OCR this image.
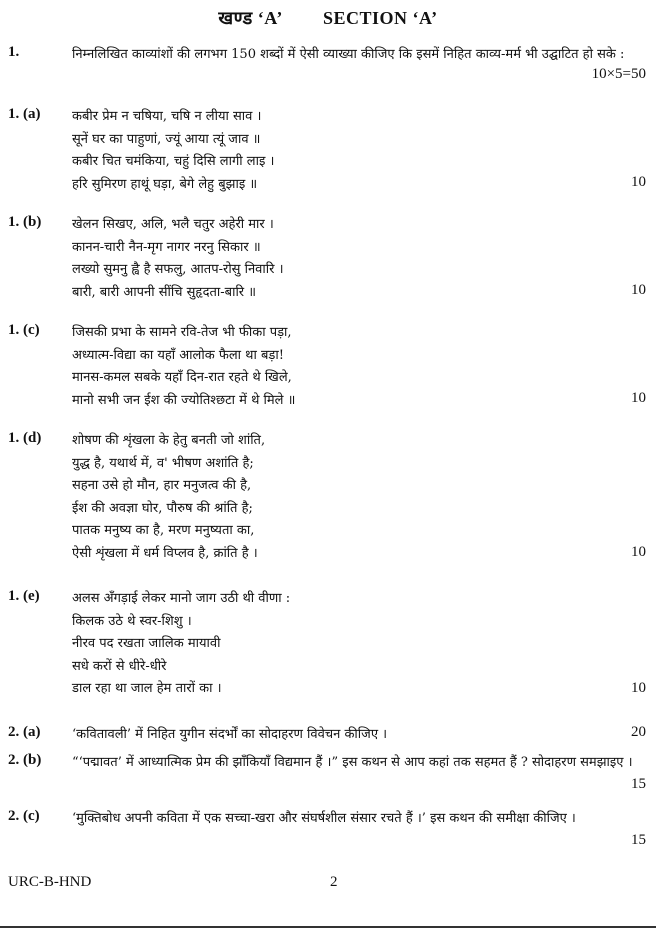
खण्ड ‘A’ SECTION ‘A’
1.	निम्नलिखित काव्यांशों की लगभग 150 शब्दों में ऐसी व्याख्या कीजिए कि इसमें निहित काव्य-मर्म भी उद्घाटित हो सके :
10×5=50
1. (a) कबीर प्रेम न चषिया, चषि न लीया साव ।
सूनें घर का पाहुणां, ज्यूं आया त्यूं जाव ॥
कबीर चित चमंकिया, चहुं दिसि लागी लाइ ।
हरि सुमिरण हाथूं घड़ा, बेगे लेहु बुझाइ ॥	10
1. (b) खेलन सिखए, अलि, भलै चतुर अहेरी मार ।
कानन-चारी नैन-मृग नागर नरनु सिकार ॥
लख्यो सुमनु ह्वै है सफलु, आतप-रोसु निवारि ।
बारी, बारी आपनी सींचि सुहृदता-बारि ॥	10
1. (c) जिसकी प्रभा के सामने रवि-तेज भी फीका पड़ा,
अध्यात्म-विद्या का यहाँ आलोक फैला था बड़ा!
मानस-कमल सबके यहाँ दिन-रात रहते थे खिले,
मानो सभी जन ईश की ज्योतिश्छटा में थे मिले ॥	10
1. (d) शोषण की शृंखला के हेतु बनती जो शांति,
युद्ध है, यथार्थ में, व' भीषण अशांति है;
सहना उसे हो मौन, हार मनुजत्व की है,
ईश की अवज्ञा घोर, पौरुष की श्रांति है;
पातक मनुष्य का है, मरण मनुष्यता का,
ऐसी शृंखला में धर्म विप्लव है, क्रांति है ।	10
1. (e) अलस अँगड़ाई लेकर मानो जाग उठी थी वीणा :
किलक उठे थे स्वर-शिशु ।
नीरव पद रखता जालिक मायावी
सधे करों से धीरे-धीरे
डाल रहा था जाल हेम तारों का ।	10
2. (a) ‘कवितावली’ में निहित युगीन संदर्भों का सोदाहरण विवेचन कीजिए ।	20
2. (b) “‘पद्मावत’ में आध्यात्मिक प्रेम की झाँकियाँ विद्यमान हैं ।” इस कथन से आप कहां तक सहमत हैं ? सोदाहरण समझाइए ।
15
2. (c) ‘मुक्तिबोध अपनी कविता में एक सच्चा-खरा और संघर्षशील संसार रचते हैं ।’ इस कथन की समीक्षा कीजिए ।
15
URC-B-HND	2
